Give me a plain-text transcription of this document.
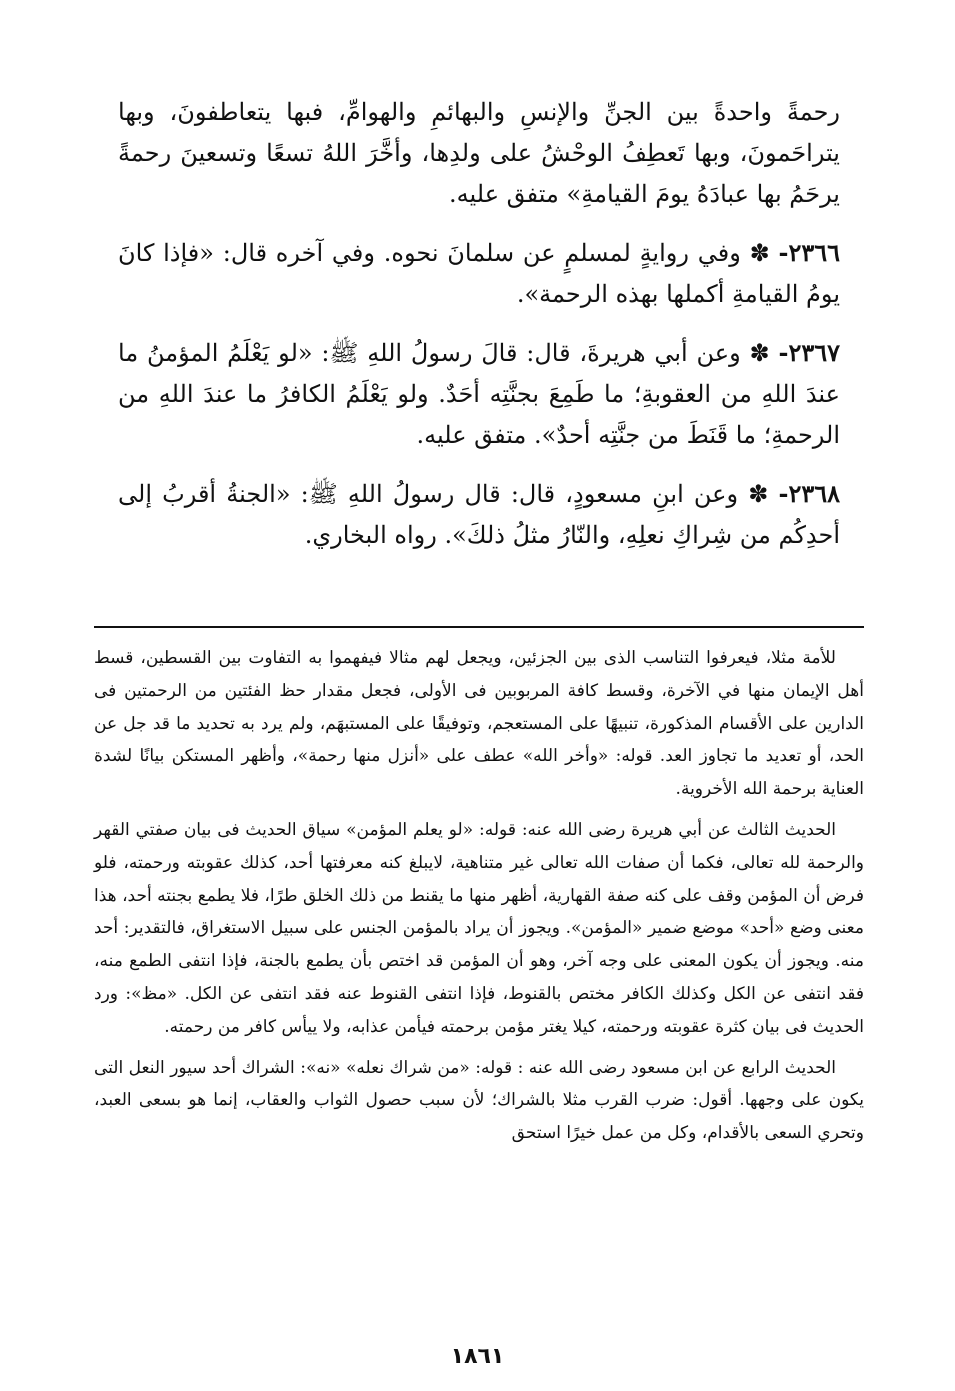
رحمةً واحدةً بين الجنِّ والإنسِ والبهائمِ والهوامِّ، فبها يتعاطفونَ، وبها يتراحَمونَ، وبها تَعطِفُ الوحْشُ على ولدِها، وأخَّرَ اللهُ تسعًا وتسعينَ رحمةً يرحَمُ بها عبادَهُ يومَ القيامةِ» متفق عليه.

٢٣٦٦- ✽ وفي روايةٍ لمسلمٍ عن سلمانَ نحوه. وفي آخره قال: «فإذا كانَ يومُ القيامةِ أكملها بهذه الرحمة».

٢٣٦٧- ✽ وعن أبي هريرةَ، قال: قالَ رسولُ اللهِ ﷺ: «لو يَعْلَمُ المؤمنُ ما عندَ اللهِ من العقوبةِ؛ ما طَمِعَ بجنَّتِه أحَدٌ. ولو يَعْلَمُ الكافرُ ما عندَ اللهِ من الرحمةِ؛ ما قَنَطَ من جنَّتِه أحدٌ». متفق عليه.

٢٣٦٨- ✽ وعن ابنِ مسعودٍ، قال: قال رسولُ اللهِ ﷺ: «الجنةُ أقربُ إلى أحدِكُم من شِراكِ نعلِهِ، والنّارُ مثلُ ذلكَ». رواه البخاري.

للأمة مثلا، فيعرفوا التناسب الذى بين الجزئين، ويجعل لهم مثالا فيفهموا به التفاوت بين القسطين، قسط أهل الإيمان منها في الآخرة، وقسط كافة المربوبين فى الأولى، فجعل مقدار حظ الفئتين من الرحمتين فى الدارين على الأقسام المذكورة، تنبيهًا على المستعجم، وتوفيقًا على المستبهَم، ولم يرد به تحديد ما قد جل عن الحد، أو تعديد ما تجاوز العد. قوله: «وأخر الله» عطف على «أنزل منها رحمة»، وأظهر المستكن بيانًا لشدة العناية برحمة الله الأخروية.

الحديث الثالث عن أبي هريرة رضى الله عنه: قوله: «لو يعلم المؤمن» سياق الحديث فى بيان صفتي القهر والرحمة لله تعالى، فكما أن صفات الله تعالى غير متناهية، لايبلغ كنه معرفتها أحد، كذلك عقوبته ورحمته، فلو فرض أن المؤمن وقف على كنه صفة القهارية، أظهر منها ما يقنط من ذلك الخلق طرًا، فلا يطمع بجنته أحد، هذا معنى وضع «أحد» موضع ضمير «المؤمن». ويجوز أن يراد بالمؤمن الجنس على سبيل الاستغراق، فالتقدير: أحد منه. ويجوز أن يكون المعنى على وجه آخر، وهو أن المؤمن قد اختص بأن يطمع بالجنة، فإذا انتفى الطمع منه، فقد انتفى عن الكل وكذلك الكافر مختص بالقنوط، فإذا انتفى القنوط عنه فقد انتفى عن الكل. «مظ»: ورد الحديث فى بيان كثرة عقوبته ورحمته، كيلا يغتر مؤمن برحمته فيأمن عذابه، ولا ييأس كافر من رحمته.

الحديث الرابع عن ابن مسعود رضى الله عنه : قوله: «من شراك نعله» «نه»: الشراك أحد سيور النعل التى يكون على وجهها. أقول: ضرب القرب مثلا بالشراك؛ لأن سبب حصول الثواب والعقاب، إنما هو بسعى العبد، وتحري السعى بالأقدام، وكل من عمل خيرًا استحق

١٨٦١
